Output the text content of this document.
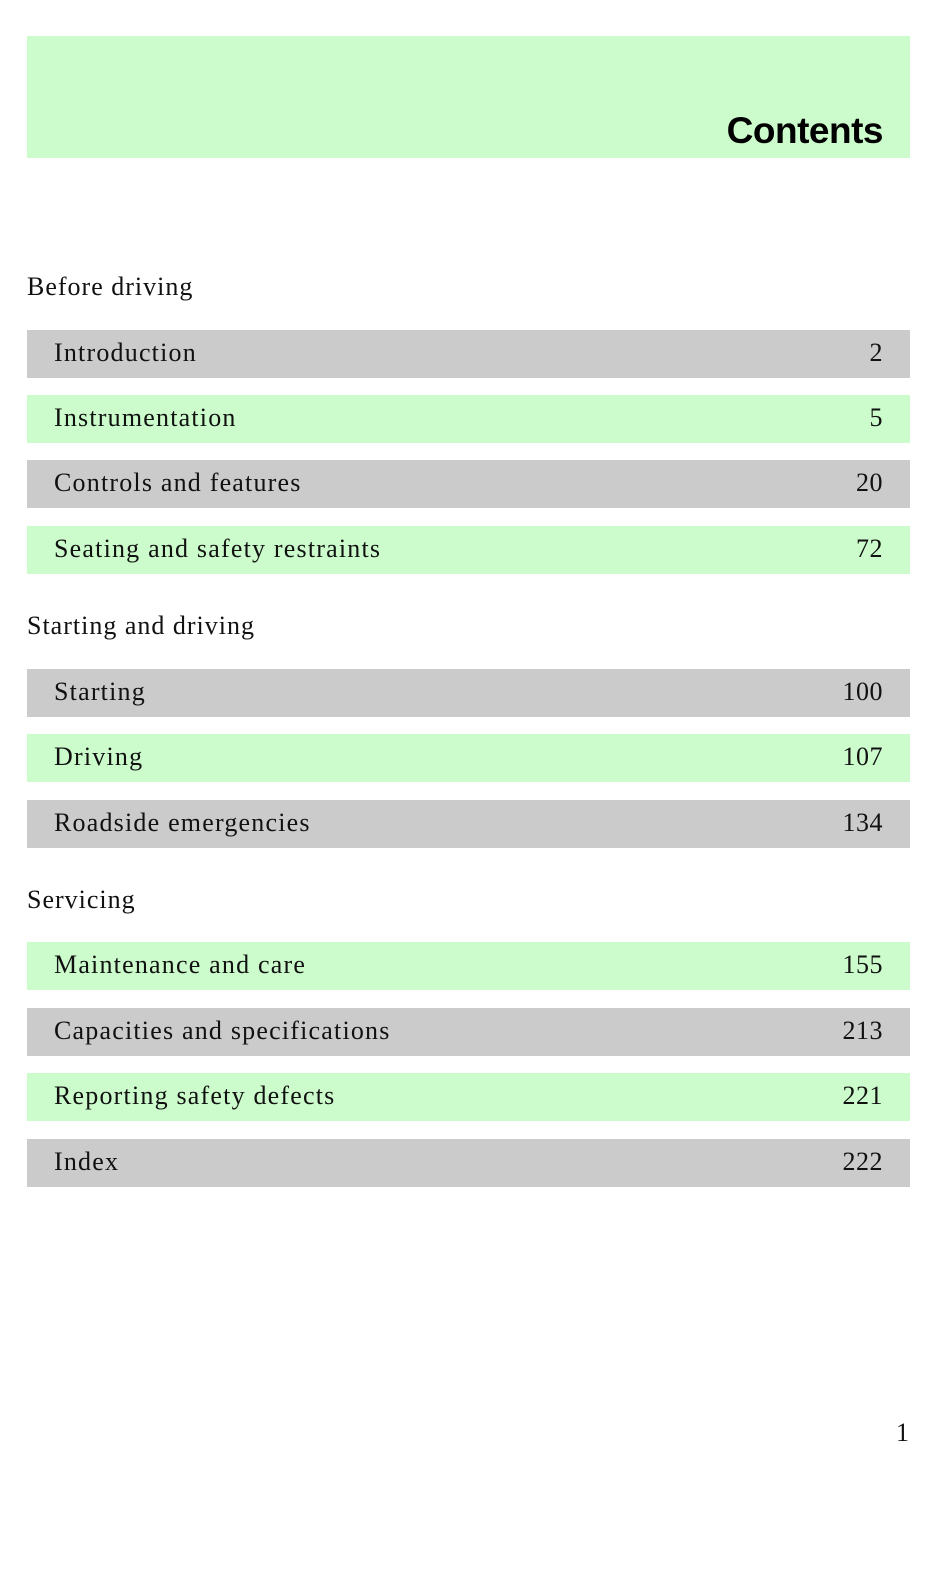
Contents
Before driving
Introduction	2
Instrumentation	5
Controls and features	20
Seating and safety restraints	72
Starting and driving
Starting	100
Driving	107
Roadside emergencies	134
Servicing
Maintenance and care	155
Capacities and specifications	213
Reporting safety defects	221
Index	222
1
